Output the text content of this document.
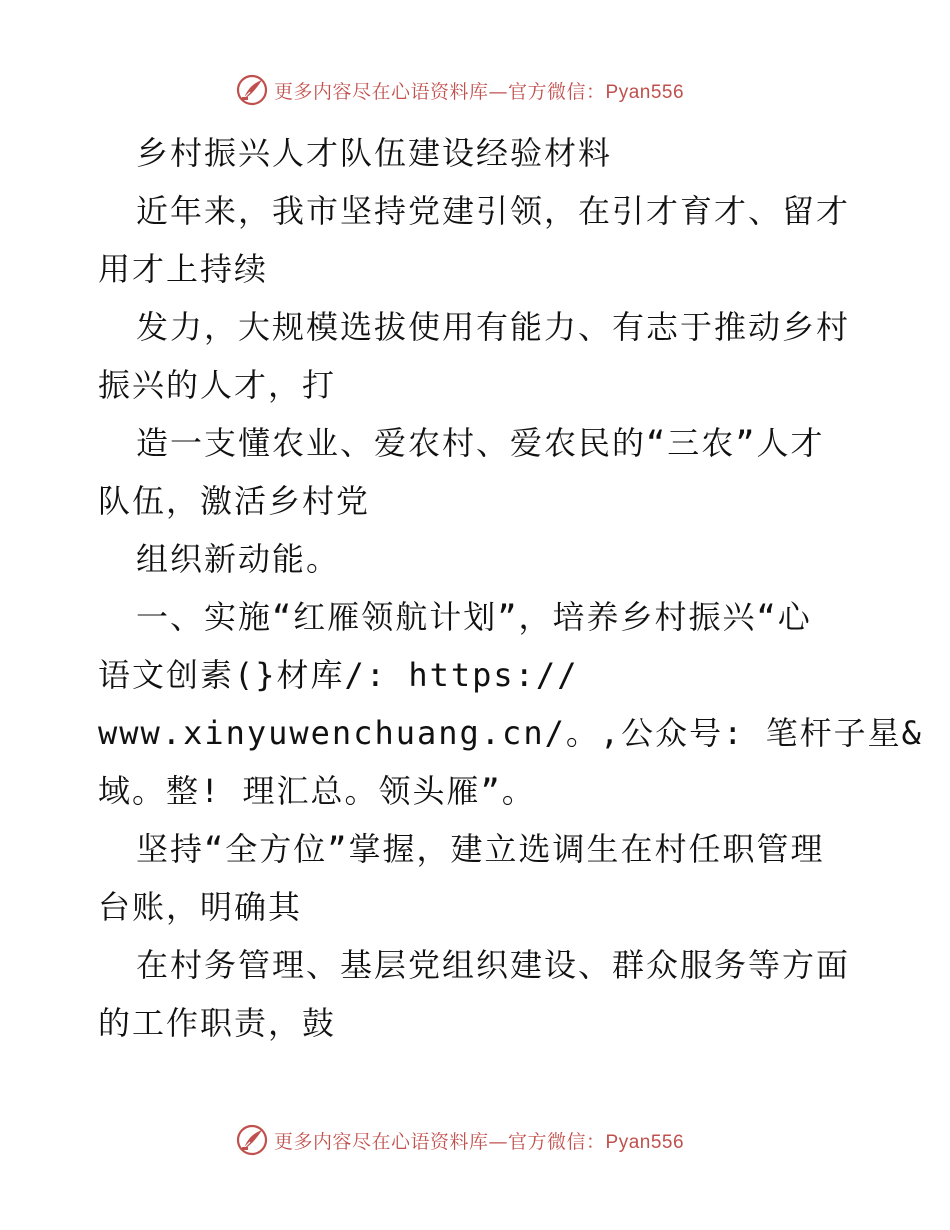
更多内容尽在心语资料库—官方微信：Pyan556
乡村振兴人才队伍建设经验材料
近年来，我市坚持党建引领，在引才育才、留才
用才上持续
发力，大规模选拔使用有能力、有志于推动乡村
振兴的人才，打
造一支懂农业、爱农村、爱农民的“三农”人才
队伍，激活乡村党
组织新动能。
一、实施“红雁领航计划”，培养乡村振兴“心
语文创素(}材库/: https://
www.xinyuwenchuang.cn/。,公众号: 笔杆子星&
域。整! 理汇总。领头雁”。
坚持“全方位”掌握，建立选调生在村任职管理
台账，明确其
在村务管理、基层党组织建设、群众服务等方面
的工作职责，鼓
更多内容尽在心语资料库—官方微信：Pyan556
